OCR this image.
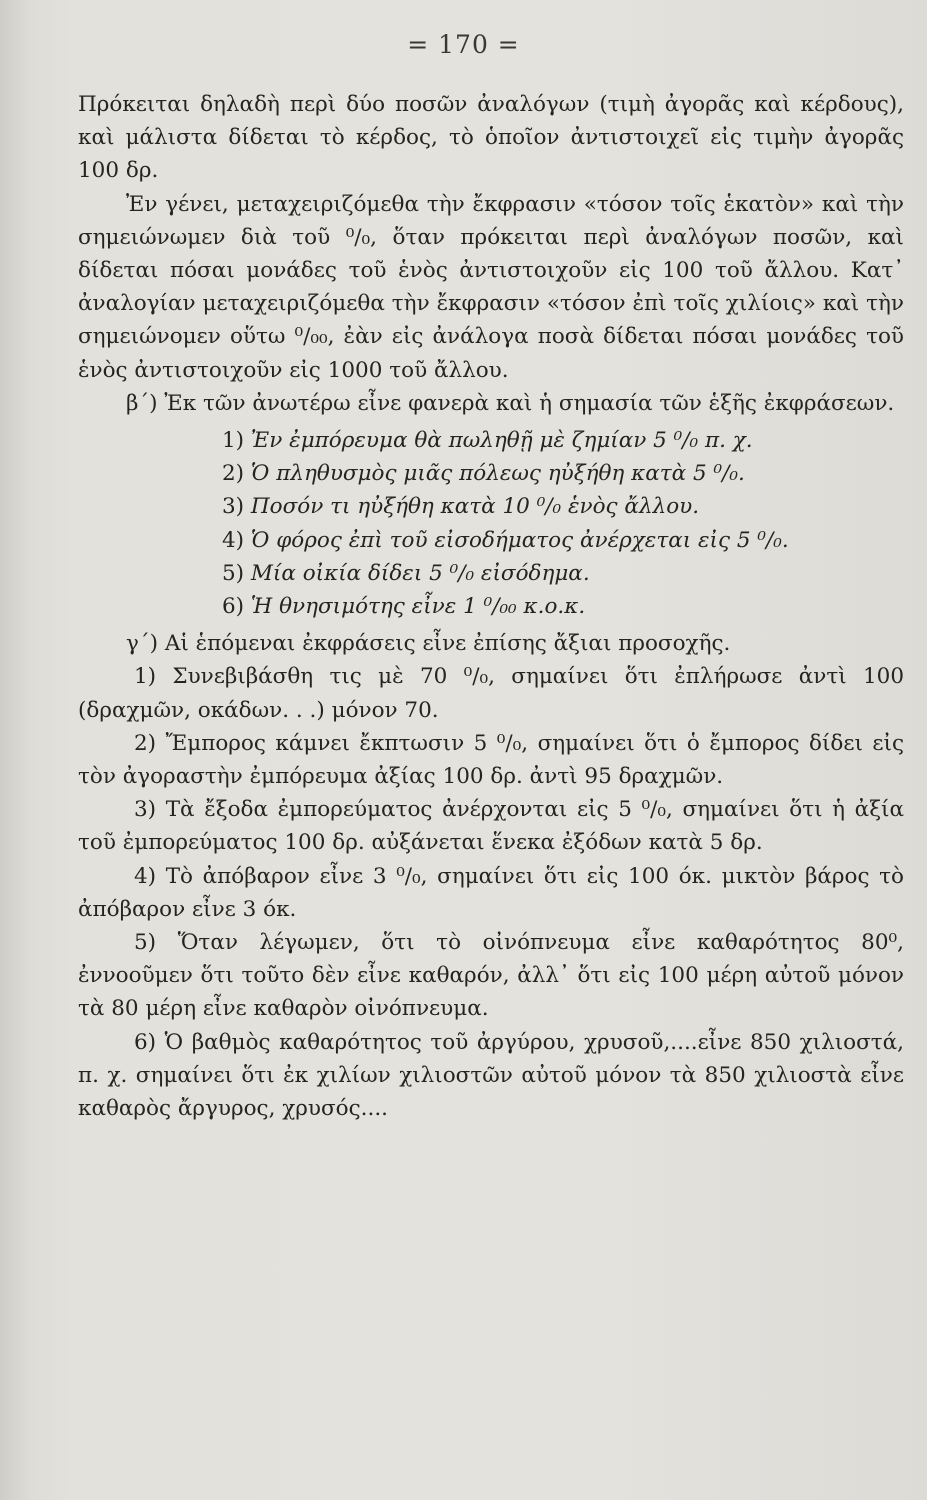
= 170 =

Πρόκειται δηλαδὴ περὶ δύο ποσῶν ἀναλόγων (τιμὴ ἀγορᾶς καὶ κέρδους), καὶ μάλιστα δίδεται τὸ κέρδος, τὸ ὁποῖον ἀντιστοιχεῖ εἰς τιμὴν ἀγορᾶς 100 δρ.

Ἐν γένει, μεταχειριζόμεθα τὴν ἔκφρασιν «τόσον τοῖς ἑκατὸν» καὶ τὴν σημειώνωμεν διὰ τοῦ ⁰/₀, ὅταν πρόκειται περὶ ἀναλόγων ποσῶν, καὶ δίδεται πόσαι μονάδες τοῦ ἑνὸς ἀντιστοιχοῦν εἰς 100 τοῦ ἄλλου. Κατ᾽ ἀναλογίαν μεταχειριζόμεθα τὴν ἔκφρασιν «τόσον ἐπὶ τοῖς χιλίοις» καὶ τὴν σημειώνομεν οὕτω ⁰/₀₀, ἐὰν εἰς ἀνάλογα ποσὰ δίδεται πόσαι μονάδες τοῦ ἑνὸς ἀντιστοιχοῦν εἰς 1000 τοῦ ἄλλου.

β΄) Ἐκ τῶν ἀνωτέρω εἶνε φανερὰ καὶ ἡ σημασία τῶν ἑξῆς ἐκφράσεων.

1) Ἐν ἐμπόρευμα θὰ πωληθῇ μὲ ζημίαν 5 ⁰/₀ π. χ.

2) Ὁ πληθυσμὸς μιᾶς πόλεως ηὐξήθη κατὰ 5 ⁰/₀.

3) Ποσόν τι ηὐξήθη κατὰ 10 ⁰/₀ ἑνὸς ἄλλου.

4) Ὁ φόρος ἐπὶ τοῦ εἰσοδήματος ἀνέρχεται εἰς 5 ⁰/₀.

5) Μία οἰκία δίδει 5 ⁰/₀ εἰσόδημα.

6) Ἡ θνησιμότης εἶνε 1 ⁰/₀₀ κ.ο.κ.

γ΄) Αἱ ἑπόμεναι ἐκφράσεις εἶνε ἐπίσης ἄξιαι προσοχῆς.

1) Συνεβιβάσθη τις μὲ 70 ⁰/₀, σημαίνει ὅτι ἐπλήρωσε ἀντὶ 100 (δραχμῶν, οκάδων. . .) μόνον 70.

2) Ἔμπορος κάμνει ἔκπτωσιν 5 ⁰/₀, σημαίνει ὅτι ὁ ἔμπορος δίδει εἰς τὸν ἀγοραστὴν ἐμπόρευμα ἀξίας 100 δρ. ἀντὶ 95 δραχμῶν.

3) Τὰ ἔξοδα ἐμπορεύματος ἀνέρχονται εἰς 5 ⁰/₀, σημαίνει ὅτι ἡ ἀξία τοῦ ἐμπορεύματος 100 δρ. αὐξάνεται ἕνεκα ἐξόδων κατὰ 5 δρ.

4) Τὸ ἀπόβαρον εἶνε 3 ⁰/₀, σημαίνει ὅτι εἰς 100 όκ. μικτὸν βάρος τὸ ἀπόβαρον εἶνε 3 όκ.

5) Ὅταν λέγωμεν, ὅτι τὸ οἰνόπνευμα εἶνε καθαρότητος 80⁰, ἐννοοῦμεν ὅτι τοῦτο δὲν εἶνε καθαρόν, ἀλλ᾽ ὅτι εἰς 100 μέρη αὐτοῦ μόνον τὰ 80 μέρη εἶνε καθαρὸν οἰνόπνευμα.

6) Ὁ βαθμὸς καθαρότητος τοῦ ἀργύρου, χρυσοῦ,....εἶνε 850 χιλιοστά, π. χ. σημαίνει ὅτι ἐκ χιλίων χιλιοστῶν αὐτοῦ μόνον τὰ 850 χιλιοστὰ εἶνε καθαρὸς ἄργυρος, χρυσός....
